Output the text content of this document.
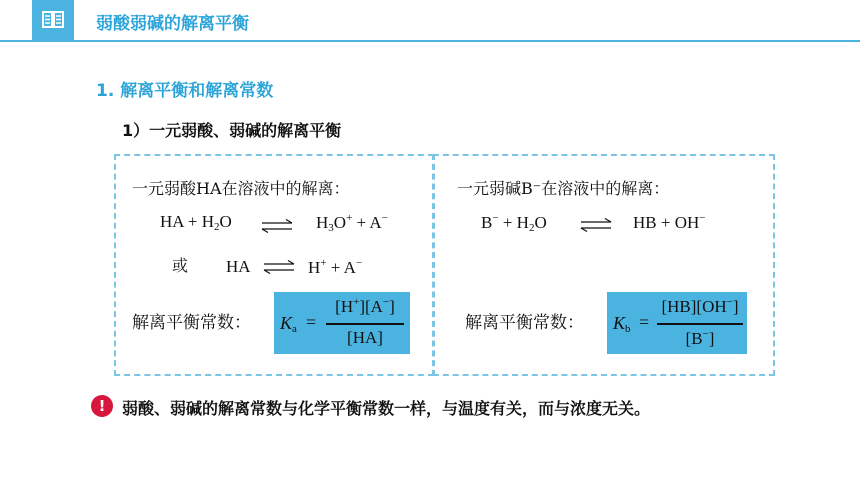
弱酸弱碱的解离平衡
1. 解离平衡和解离常数
1）一元弱酸、弱碱的解离平衡
一元弱酸HA在溶液中的解离：
HA + $H_2O$ ⇌ $H_3O^+ + A^-$
或 HA ⇌ H+ + A−
解离平衡常数： $K_a$ =
[H+][A−]
[HA]
一元弱碱B⁻在溶液中的解离：
$B^- + H_2O$ ⇌ HB + OH−
解离平衡常数： $K_b$ =
[HB][OH−]
[B−]
!	弱酸、弱碱的解离常数与化学平衡常数一样，与温度有关，而与浓度无关。
